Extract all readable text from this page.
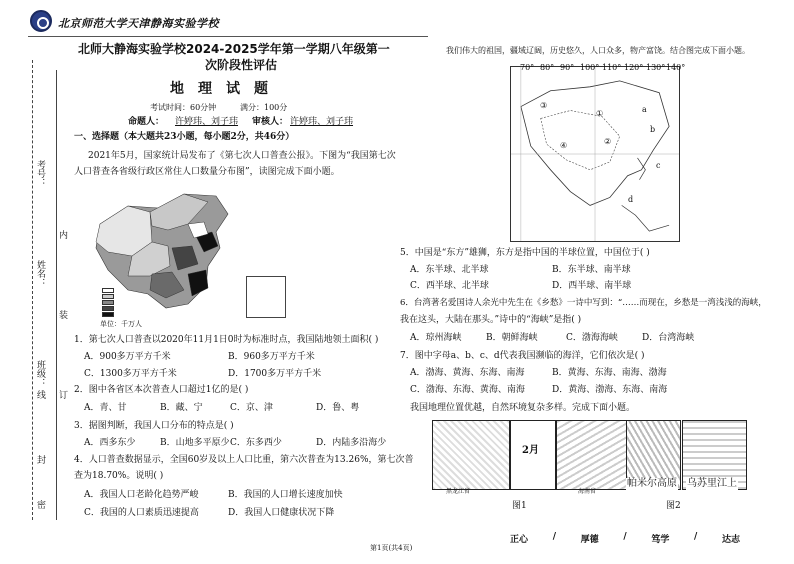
北京师范大学天津静海实验学校
考号：
姓名：
班级：
内
装
订
线
封
密
北师大静海实验学校2024-2025学年第一学期八年级第一
次阶段性评估
地理试题
考试时间：60分钟	满分：100分
命题人： 许婷玮、刘子玮 审核人： 许婷玮、刘子玮
一、选择题（本大题共23小题，每小题2分，共46分）
2021年5月，国家统计局发布了《第七次人口普查公报》。下图为“我国第七次
人口普查各省级行政区常住人口数量分布图”，读图完成下面小题。
单位：千万人
1．第七次人口普查以2020年11月1日0时为标准时点，我国陆地领土面积( )
A．900多万平方千米	B．960多万平方千米
C．1300多万平方千米	D．1700多万平方千米
2．图中各省区本次普查人口超过1亿的是( )
A．青、甘	B．藏、宁	C．京、津	D．鲁、粤
3．据图判断，我国人口分布的特点是( )
A．西多东少	B．山地多平原少 C．东多西少	D．内陆多沿海少
4．人口普查数据显示，全国60岁及以上人口比重，第六次普查为13.26%，第七次普
查为18.70%。说明( )
A．我国人口老龄化趋势严峻	B．我国的人口增长速度加快
C．我国的人口素质迅速提高	D．我国人口健康状况下降
我们伟大的祖国，疆域辽阔，历史悠久，人口众多，物产富饶。结合图完成下面小题。
70° 80° 90° 100° 110° 120° 130° 140°
③
①
②
④
a
b
c
d
5．中国是“东方”雄狮，东方是指中国的半球位置，中国位于( )
A．东半球、北半球	B．东半球、南半球
C．西半球、北半球	D．西半球、南半球
6．台湾著名爱国诗人余光中先生在《乡愁》一诗中写到：“……而现在，乡愁是一湾浅浅的海峡，
我在这头，大陆在那头。”诗中的“海峡”是指( )
A．琼州海峡	B．朝鲜海峡	C．渤海海峡	D．台湾海峡
7．图中字母a、b、c、d代表我国濒临的海洋，它们依次是( )
A．渤海、黄海、东海、南海	B．黄海、东海、南海、渤海
C．渤海、东海、黄海、南海	D．黄海、渤海、东海、南海
我国地理位置优越，自然环境复杂多样。完成下面小题。
2月
黑龙江省	海南省
帕米尔高原 乌苏里江上
图1	图2
正心	/	厚德	/	笃学	/	达志
第1页(共4页)
